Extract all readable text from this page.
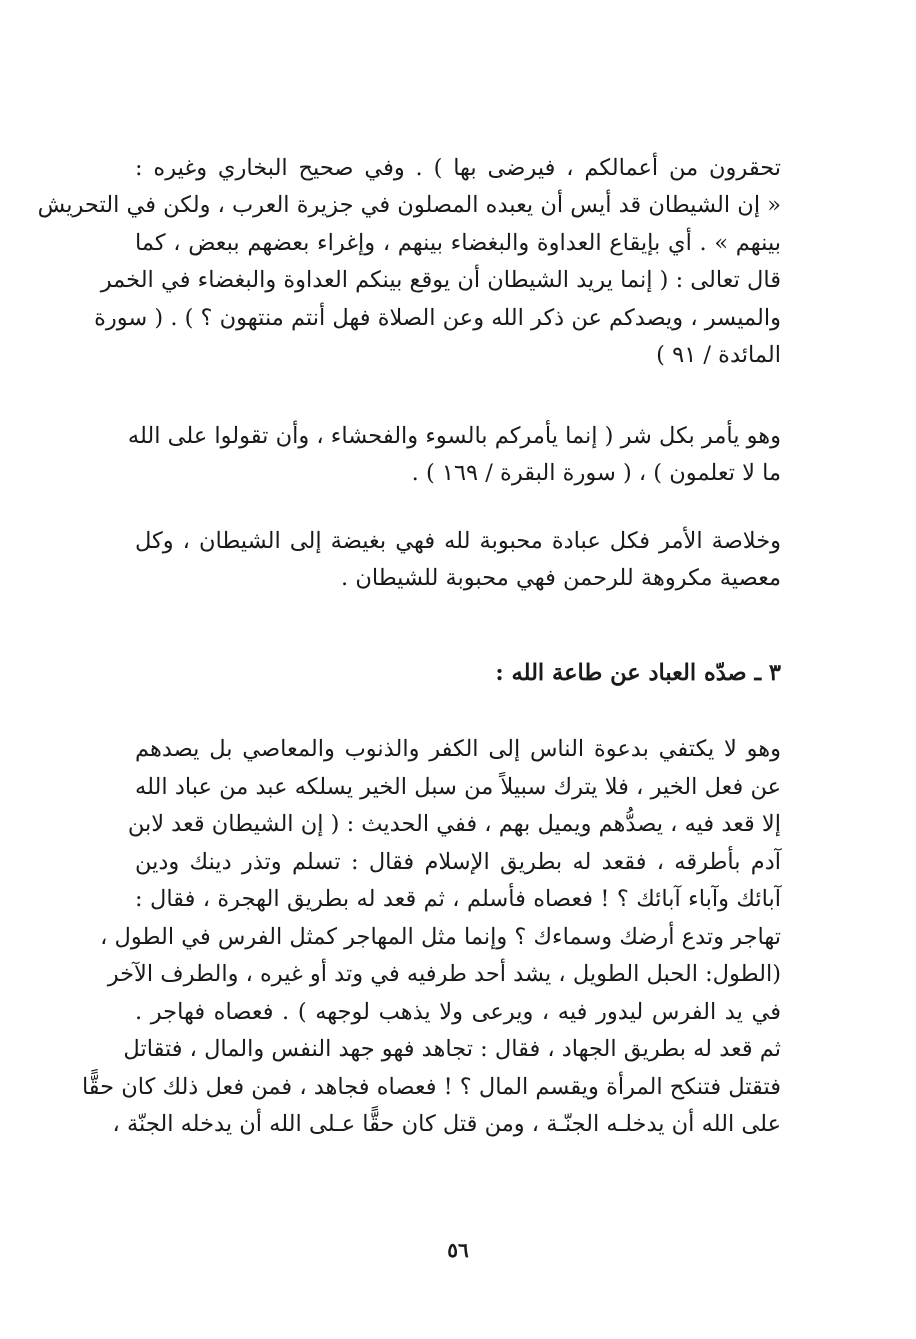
تحقرون من أعمالكم ، فيرضى بها ) . وفي صحيح البخاري وغيره :
« إن الشيطان قد أيس أن يعبده المصلون في جزيرة العرب ، ولكن في التحريش
بينهم » . أي بإيقاع العداوة والبغضاء بينهم ، وإغراء بعضهم ببعض ، كما
قال تعالى : ( إنما يريد الشيطان أن يوقع بينكم العداوة والبغضاء في الخمر
والميسر ، ويصدكم عن ذكر الله وعن الصلاة فهل أنتم منتهون ؟ ) . ( سورة
المائدة / ٩١ )
وهو يأمر بكل شر ( إنما يأمركم بالسوء والفحشاء ، وأن تقولوا على الله
ما لا تعلمون ) ، ( سورة البقرة / ١٦٩ ) .
وخلاصة الأمر فكل عبادة محبوبة لله فهي بغيضة إلى الشيطان ، وكل
معصية مكروهة للرحمن فهي محبوبة للشيطان .
٣ ـ صدّه العباد عن طاعة الله :
وهو لا يكتفي بدعوة الناس إلى الكفر والذنوب والمعاصي بل يصدهم
عن فعل الخير ، فلا يترك سبيلاً من سبل الخير يسلكه عبد من عباد الله
إلا قعد فيه ، يصدُّهم ويميل بهم ، ففي الحديث : ( إن الشيطان قعد لابن
آدم بأطرقه ، فقعد له بطريق الإسلام فقال : تسلم وتذر دينك ودين
آبائك وآباء آبائك ؟ ! فعصاه فأسلم ، ثم قعد له بطريق الهجرة ، فقال :
تهاجر وتدع أرضك وسماءك ؟ وإنما مثل المهاجر كمثل الفرس في الطول ،
(الطول: الحبل الطويل ، يشد أحد طرفيه في وتد أو غيره ، والطرف الآخر
في يد الفرس ليدور فيه ، ويرعى ولا يذهب لوجهه ) . فعصاه فهاجر .
ثم قعد له بطريق الجهاد ، فقال : تجاهد فهو جهد النفس والمال ، فتقاتل
فتقتل فتنكح المرأة ويقسم المال ؟ ! فعصاه فجاهد ، فمن فعل ذلك كان حقًّا
على الله أن يدخلـه الجنّـة ، ومن قتل كان حقًّا عـلى الله أن يدخله الجنّة ،
٥٦
